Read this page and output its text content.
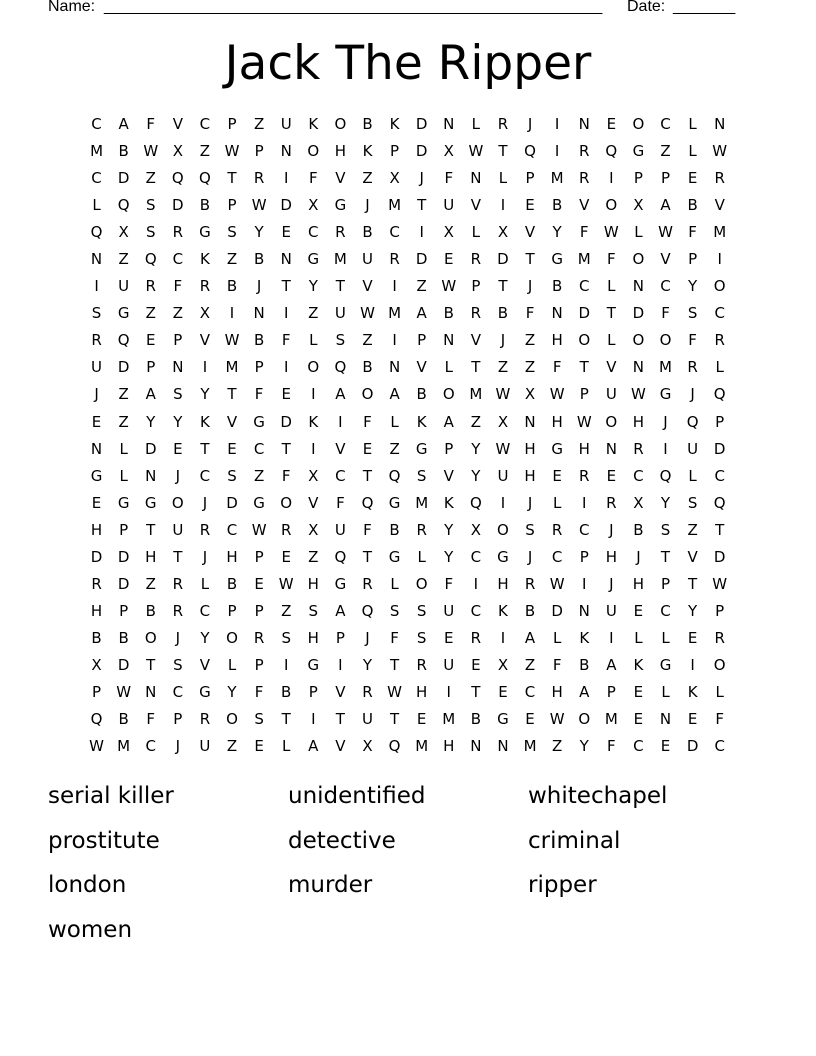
Name: ________________________________________________________ Date: _______
Jack The Ripper
C	A	F	V	C	P	Z	U	K	O	B	K	D	N	L	R	J	I	N	E	O	C	L	N
M	B W X	Z W	P	N	O	H	K	P	D	X W	T	Q	I	R	Q	G	Z	L	W
C	D	Z	Q	Q	T	R	I	F	V	Z	X	J	F	N	L	P	M	R	I	P	P	E	R
L	Q	S	D	B	P	W D	X	G	J	M	T	U	V	I	E	B	V	O	X	A	B	V
Q	X	S	R	G	S	Y	E	C	R	B	C	I	X	L	X	V	Y	F	W	L	W	F	M
N	Z	Q	C	K	Z	B	N	G M	U	R	D	E	R	D	T	G M	F	O	V	P	I
I	U	R	F	R	B	J	T	Y	T	V	I	Z W	P	T	J	B	C	L	N	C	Y	O
S	G	Z	Z	X	I	N	I	Z	U W M	A	B	R	B	F	N	D	T	D	F	S	C
R	Q	E	P	V W B	F	L	S	Z	I	P	N	V	J	Z	H	O	L	O	O	F	R
U	D	P	N	I	M	P	I	O	Q	B	N	V	L	T	Z	Z	F	T	V	N	M	R	L
J	Z	A	S	Y	T	F	E	I	A	O	A	B	O M W X W	P	U W G	J	Q
E	Z	Y	Y	K	V	G	D	K	I	F	L	K	A	Z	X	N	H W O	H	J	Q	P
N	L	D	E	T	E	C	T	I	V	E	Z	G	P	Y	W H	G	H	N	R	I	U	D
G	L	N	J	C	S	Z	F	X	C	T	Q	S	V	Y	U	H	E	R	E	C	Q	L	C
E	G	G	O	J	D	G	O	V	F	Q	G M	K	Q	I	J	L	I	R	X	Y	S	Q
H	P	T	U	R	C W R	X	U	F	B	R	Y	X	O	S	R	C	J	B	S	Z	T
D	D	H	T	J	H	P	E	Z	Q	T	G	L	Y	C	G	J	C	P	H	J	T	V	D
R	D	Z	R	L	B	E W H	G	R	L	O	F	I	H	R W	I	J	H	P	T	W
H	P	B	R	C	P	P	Z	S	A	Q	S	S	U	C	K	B	D	N	U	E	C	Y	P
B	B	O	J	Y	O	R	S	H	P	J	F	S	E	R	I	A	L	K	I	L	L	E	R
X	D	T	S	V	L	P	I	G	I	Y	T	R	U	E	X	Z	F	B	A	K	G	I	O
P	W N	C	G	Y	F	B	P	V	R W H	I	T	E	C	H	A	P	E	L	K	L
Q	B	F	P	R	O	S	T	I	T	U	T	E	M	B	G	E W O M	E	N	E	F
W M	C	J	U	Z	E	L	A	V	X	Q M H	N	N	M	Z	Y	F	C	E	D	C
serial killer	unidentified	whitechapel
prostitute	detective	criminal
london	murder	ripper
women
